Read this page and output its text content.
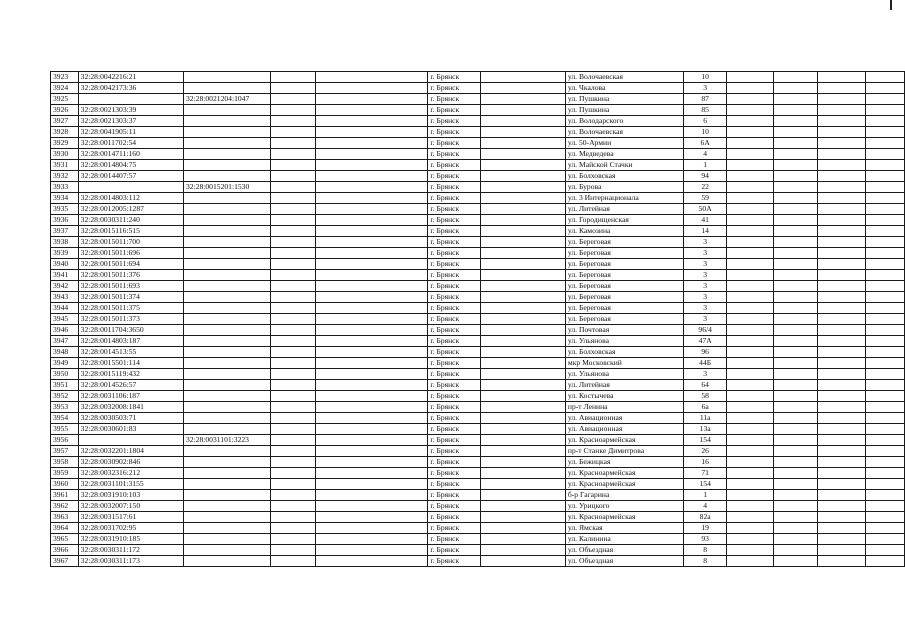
3923	32:28:0042216:21				г. Брянск		ул. Волочаевская	10				
3924	32:28:0042173:36				г. Брянск		ул. Чкалова	3				
3925		32:28:0021204:1047			г. Брянск		ул. Пушкина	87				
3926	32:28:0021303:39				г. Брянск		ул. Пушкина	85				
3927	32:28:0021303:37				г. Брянск		ул. Володарского	6				
3928	32:28:0041905:11				г. Брянск		ул. Волочаевская	10				
3929	32:28:0011702:54				г. Брянск		ул. 50-Армии	6А				
3930	32:28:0014711:160				г. Брянск		ул. Медведева	4				
3931	32:28:0014804:75				г. Брянск		ул. Майской Стачки	1				
3932	32:28:0014407:57				г. Брянск		ул. Болховская	94				
3933		32:28:0015201:1530			г. Брянск		ул. Бурова	22				
3934	32:28:0014803:112				г. Брянск		ул. 3 Интернационала	59				
3935	32:28:0012005:1287				г. Брянск		ул. Литейная	50А				
3936	32:28:0030311:240				г. Брянск		ул. Городищенская	41				
3937	32:28:0015116:515				г. Брянск		ул. Камозина	14				
3938	32:28:0015011:700				г. Брянск		ул. Береговая	3				
3939	32:28:0015011:696				г. Брянск		ул. Береговая	3				
3940	32:28:0015011:694				г. Брянск		ул. Береговая	3				
3941	32:28:0015011:376				г. Брянск		ул. Береговая	3				
3942	32:28:0015011:693				г. Брянск		ул. Береговая	3				
3943	32:28:0015011:374				г. Брянск		ул. Береговая	3				
3944	32:28:0015011:375				г. Брянск		ул. Береговая	3				
3945	32:28:0015011:373				г. Брянск		ул. Береговая	3				
3946	32:28:0011704:3650				г. Брянск		ул. Почтовая	96/4				
3947	32:28:0014803:187				г. Брянск		ул. Ульянова	47А				
3948	32:28:0014513:55				г. Брянск		ул. Болховская	96				
3949	32:28:0015501:114				г. Брянск		мкр Московский	44Б				
3950	32:28:0015119:432				г. Брянск		ул. Ульянова	3				
3951	32:28:0014526:57				г. Брянск		ул. Литейная	64				
3952	32:28:0031106:187				г. Брянск		ул. Костычева	58				
3953	32:28:0032008:1841				г. Брянск		пр-т Ленина	6а				
3954	32:28:0030503:71				г. Брянск		ул. Авиационная	11а				
3955	32:28:0030601:83				г. Брянск		ул. Авиационная	13а				
3956		32:28:0031101:3223			г. Брянск		ул. Красноармейская	154				
3957	32:28:0032201:1804				г. Брянск		пр-т Станке Димитрова	26				
3958	32:28:0030902:846				г. Брянск		ул. Бежицкая	16				
3959	32:28:0032316:212				г. Брянск		ул. Красноармейская	71				
3960	32:28:0031101:3155				г. Брянск		ул. Красноармейская	154				
3961	32:28:0031910:103				г. Брянск		б-р Гагарина	1				
3962	32:28:0032007:150				г. Брянск		ул. Урицкого	4				
3963	32:28:0031517:61				г. Брянск		ул. Красноармейская	82а				
3964	32:28:0031702:95				г. Брянск		ул. Ямская	19				
3965	32:28:0031910:185				г. Брянск		ул. Калинина	93				
3966	32:28:0030311:172				г. Брянск		ул. Объездная	8				
3967	32:28:0030311:173				г. Брянск		ул. Объездная	8				
